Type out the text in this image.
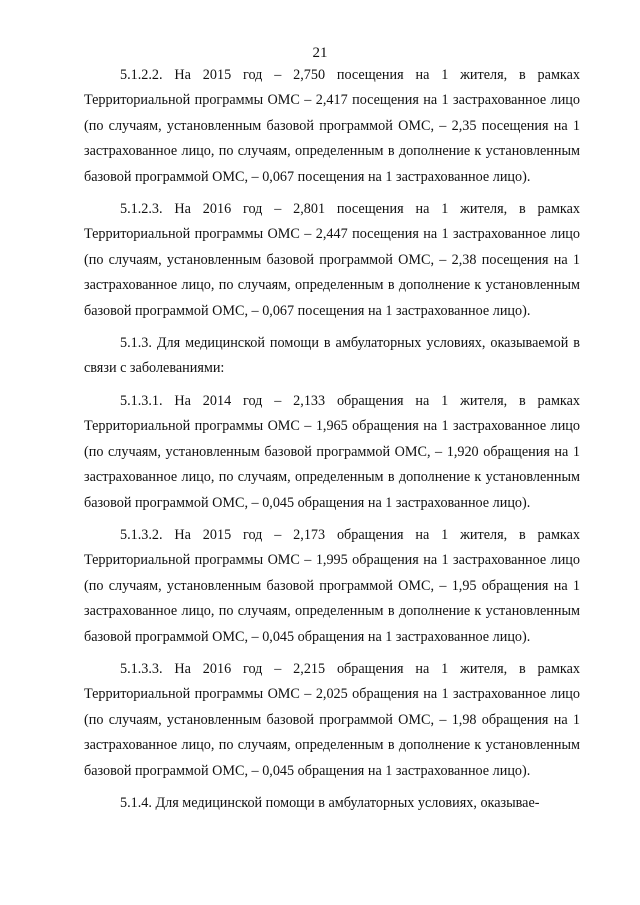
21

5.1.2.2. На 2015 год – 2,750 посещения на 1 жителя, в рамках Территориальной программы ОМС – 2,417 посещения на 1 застрахованное лицо (по случаям, установленным базовой программой ОМС, – 2,35 посещения на 1 застрахованное лицо, по случаям, определенным в дополнение к установленным базовой программой ОМС, – 0,067 посещения на 1 застрахованное лицо).

5.1.2.3. На 2016 год – 2,801 посещения на 1 жителя, в рамках Территориальной программы ОМС – 2,447 посещения на 1 застрахованное лицо (по случаям, установленным базовой программой ОМС, – 2,38 посещения на 1 застрахованное лицо, по случаям, определенным в дополнение к установленным базовой программой ОМС, – 0,067 посещения на 1 застрахованное лицо).

5.1.3. Для медицинской помощи в амбулаторных условиях, оказываемой в связи с заболеваниями:

5.1.3.1. На 2014 год – 2,133 обращения на 1 жителя, в рамках Территориальной программы ОМС – 1,965 обращения на 1 застрахованное лицо (по случаям, установленным базовой программой ОМС, – 1,920 обращения на 1 застрахованное лицо, по случаям, определенным в дополнение к установленным базовой программой ОМС, – 0,045 обращения на 1 застрахованное лицо).

5.1.3.2. На 2015 год – 2,173 обращения на 1 жителя, в рамках Территориальной программы ОМС – 1,995 обращения на 1 застрахованное лицо (по случаям, установленным базовой программой ОМС, – 1,95 обращения на 1 застрахованное лицо, по случаям, определенным в дополнение к установленным базовой программой ОМС, – 0,045 обращения на 1 застрахованное лицо).

5.1.3.3. На 2016 год – 2,215 обращения на 1 жителя, в рамках Территориальной программы ОМС – 2,025 обращения на 1 застрахованное лицо (по случаям, установленным базовой программой ОМС, – 1,98 обращения на 1 застрахованное лицо, по случаям, определенным в дополнение к установленным базовой программой ОМС, – 0,045 обращения на 1 застрахованное лицо).

5.1.4. Для медицинской помощи в амбулаторных условиях, оказывае-
